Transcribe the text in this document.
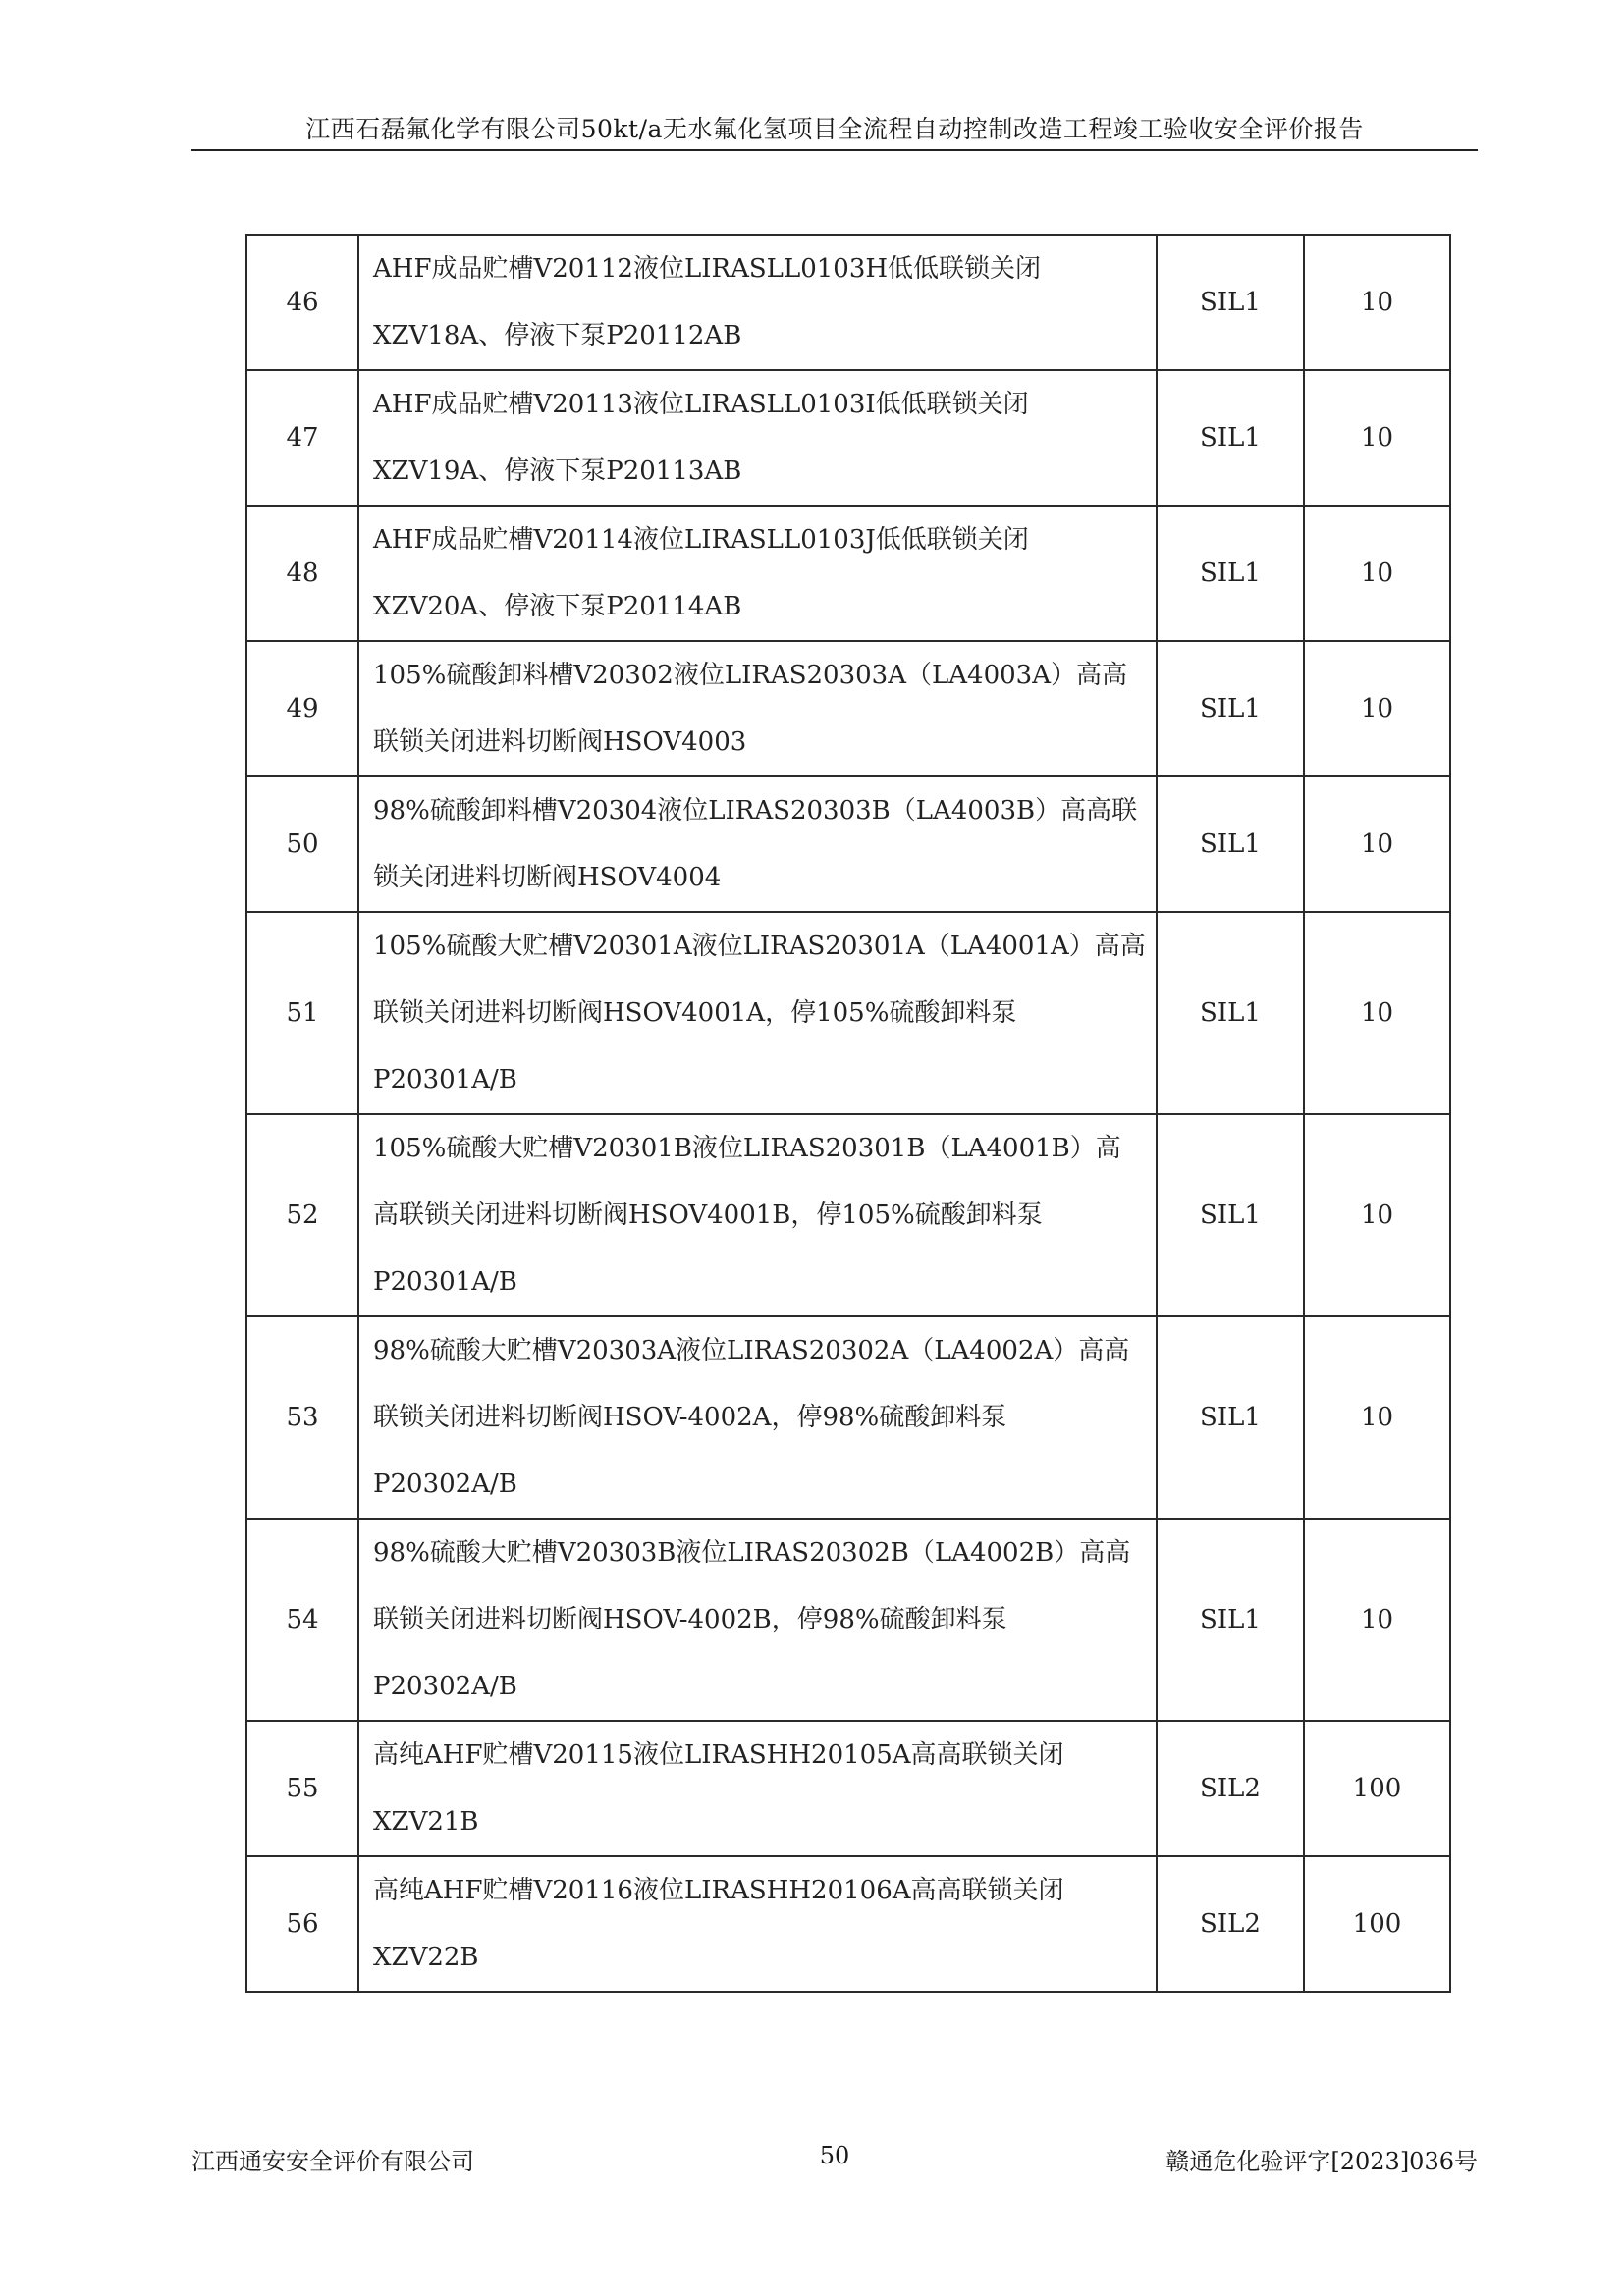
江西石磊氟化学有限公司50kt/a无水氟化氢项目全流程自动控制改造工程竣工验收安全评价报告
46	AHF成品贮槽V20112液位LIRASLL0103H低低联锁关闭XZV18A、停液下泵P20112AB	SIL1	10
47	AHF成品贮槽V20113液位LIRASLL0103I低低联锁关闭XZV19A、停液下泵P20113AB	SIL1	10
48	AHF成品贮槽V20114液位LIRASLL0103J低低联锁关闭XZV20A、停液下泵P20114AB	SIL1	10
49	105%硫酸卸料槽V20302液位LIRAS20303A（LA4003A）高高联锁关闭进料切断阀HSOV4003	SIL1	10
50	98%硫酸卸料槽V20304液位LIRAS20303B（LA4003B）高高联锁关闭进料切断阀HSOV4004	SIL1	10
51	105%硫酸大贮槽V20301A液位LIRAS20301A（LA4001A）高高联锁关闭进料切断阀HSOV4001A，停105%硫酸卸料泵P20301A/B	SIL1	10
52	105%硫酸大贮槽V20301B液位LIRAS20301B（LA4001B）高高联锁关闭进料切断阀HSOV4001B，停105%硫酸卸料泵P20301A/B	SIL1	10
53	98%硫酸大贮槽V20303A液位LIRAS20302A（LA4002A）高高联锁关闭进料切断阀HSOV-4002A，停98%硫酸卸料泵P20302A/B	SIL1	10
54	98%硫酸大贮槽V20303B液位LIRAS20302B（LA4002B）高高联锁关闭进料切断阀HSOV-4002B，停98%硫酸卸料泵P20302A/B	SIL1	10
55	高纯AHF贮槽V20115液位LIRASHH20105A高高联锁关闭XZV21B	SIL2	100
56	高纯AHF贮槽V20116液位LIRASHH20106A高高联锁关闭XZV22B	SIL2	100
江西通安安全评价有限公司	50	赣通危化验评字[2023]036号
